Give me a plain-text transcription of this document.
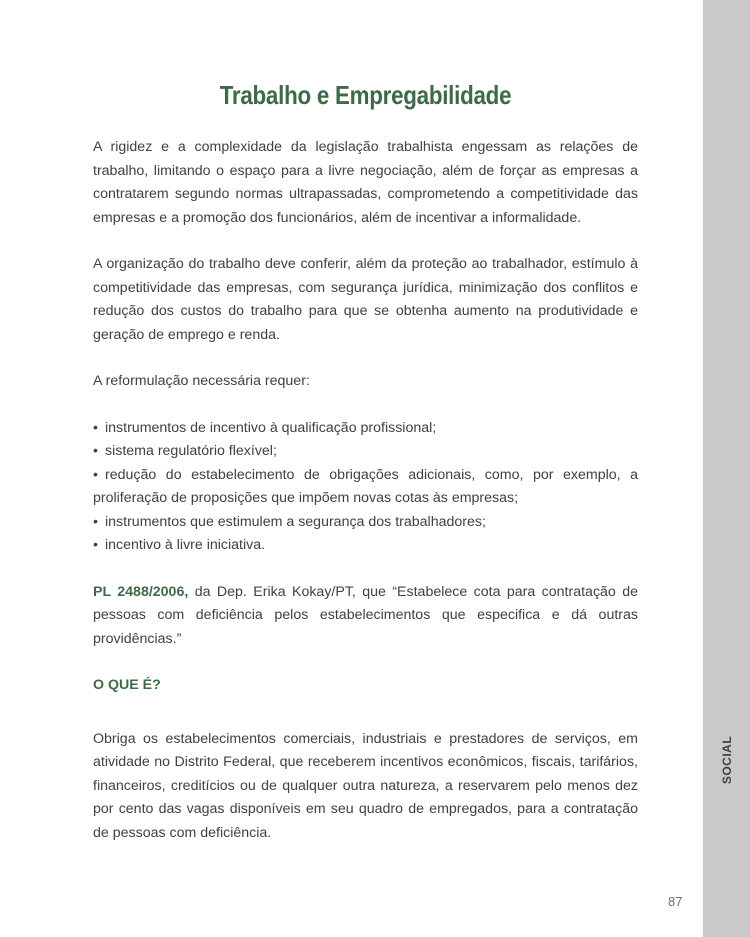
SOCIAL
Trabalho e Empregabilidade

A rigidez e a complexidade da legislação trabalhista engessam as relações de trabalho, limitando o espaço para a livre negociação, além de forçar as empresas a contratarem segundo normas ultrapassadas, comprometendo a competitividade das empresas e a promoção dos funcionários, além de incentivar a informalidade.

A organização do trabalho deve conferir, além da proteção ao trabalhador, estímulo à competitividade das empresas, com segurança jurídica, minimização dos conflitos e redução dos custos do trabalho para que se obtenha aumento na produtividade e geração de emprego e renda.

A reformulação necessária requer:

• instrumentos de incentivo à qualificação profissional;
• sistema regulatório flexível;
• redução do estabelecimento de obrigações adicionais, como, por exemplo, a proliferação de proposições que impõem novas cotas às empresas;
• instrumentos que estimulem a segurança dos trabalhadores;
• incentivo à livre iniciativa.

PL 2488/2006, da Dep. Erika Kokay/PT, que “Estabelece cota para contratação de pessoas com deficiência pelos estabelecimentos que especifica e dá outras providências.”

O QUE É?

Obriga os estabelecimentos comerciais, industriais e prestadores de serviços, em atividade no Distrito Federal, que receberem incentivos econômicos, fiscais, tarifários, financeiros, creditícios ou de qualquer outra natureza, a reservarem pelo menos dez por cento das vagas disponíveis em seu quadro de empregados, para a contratação de pessoas com deficiência.

87
